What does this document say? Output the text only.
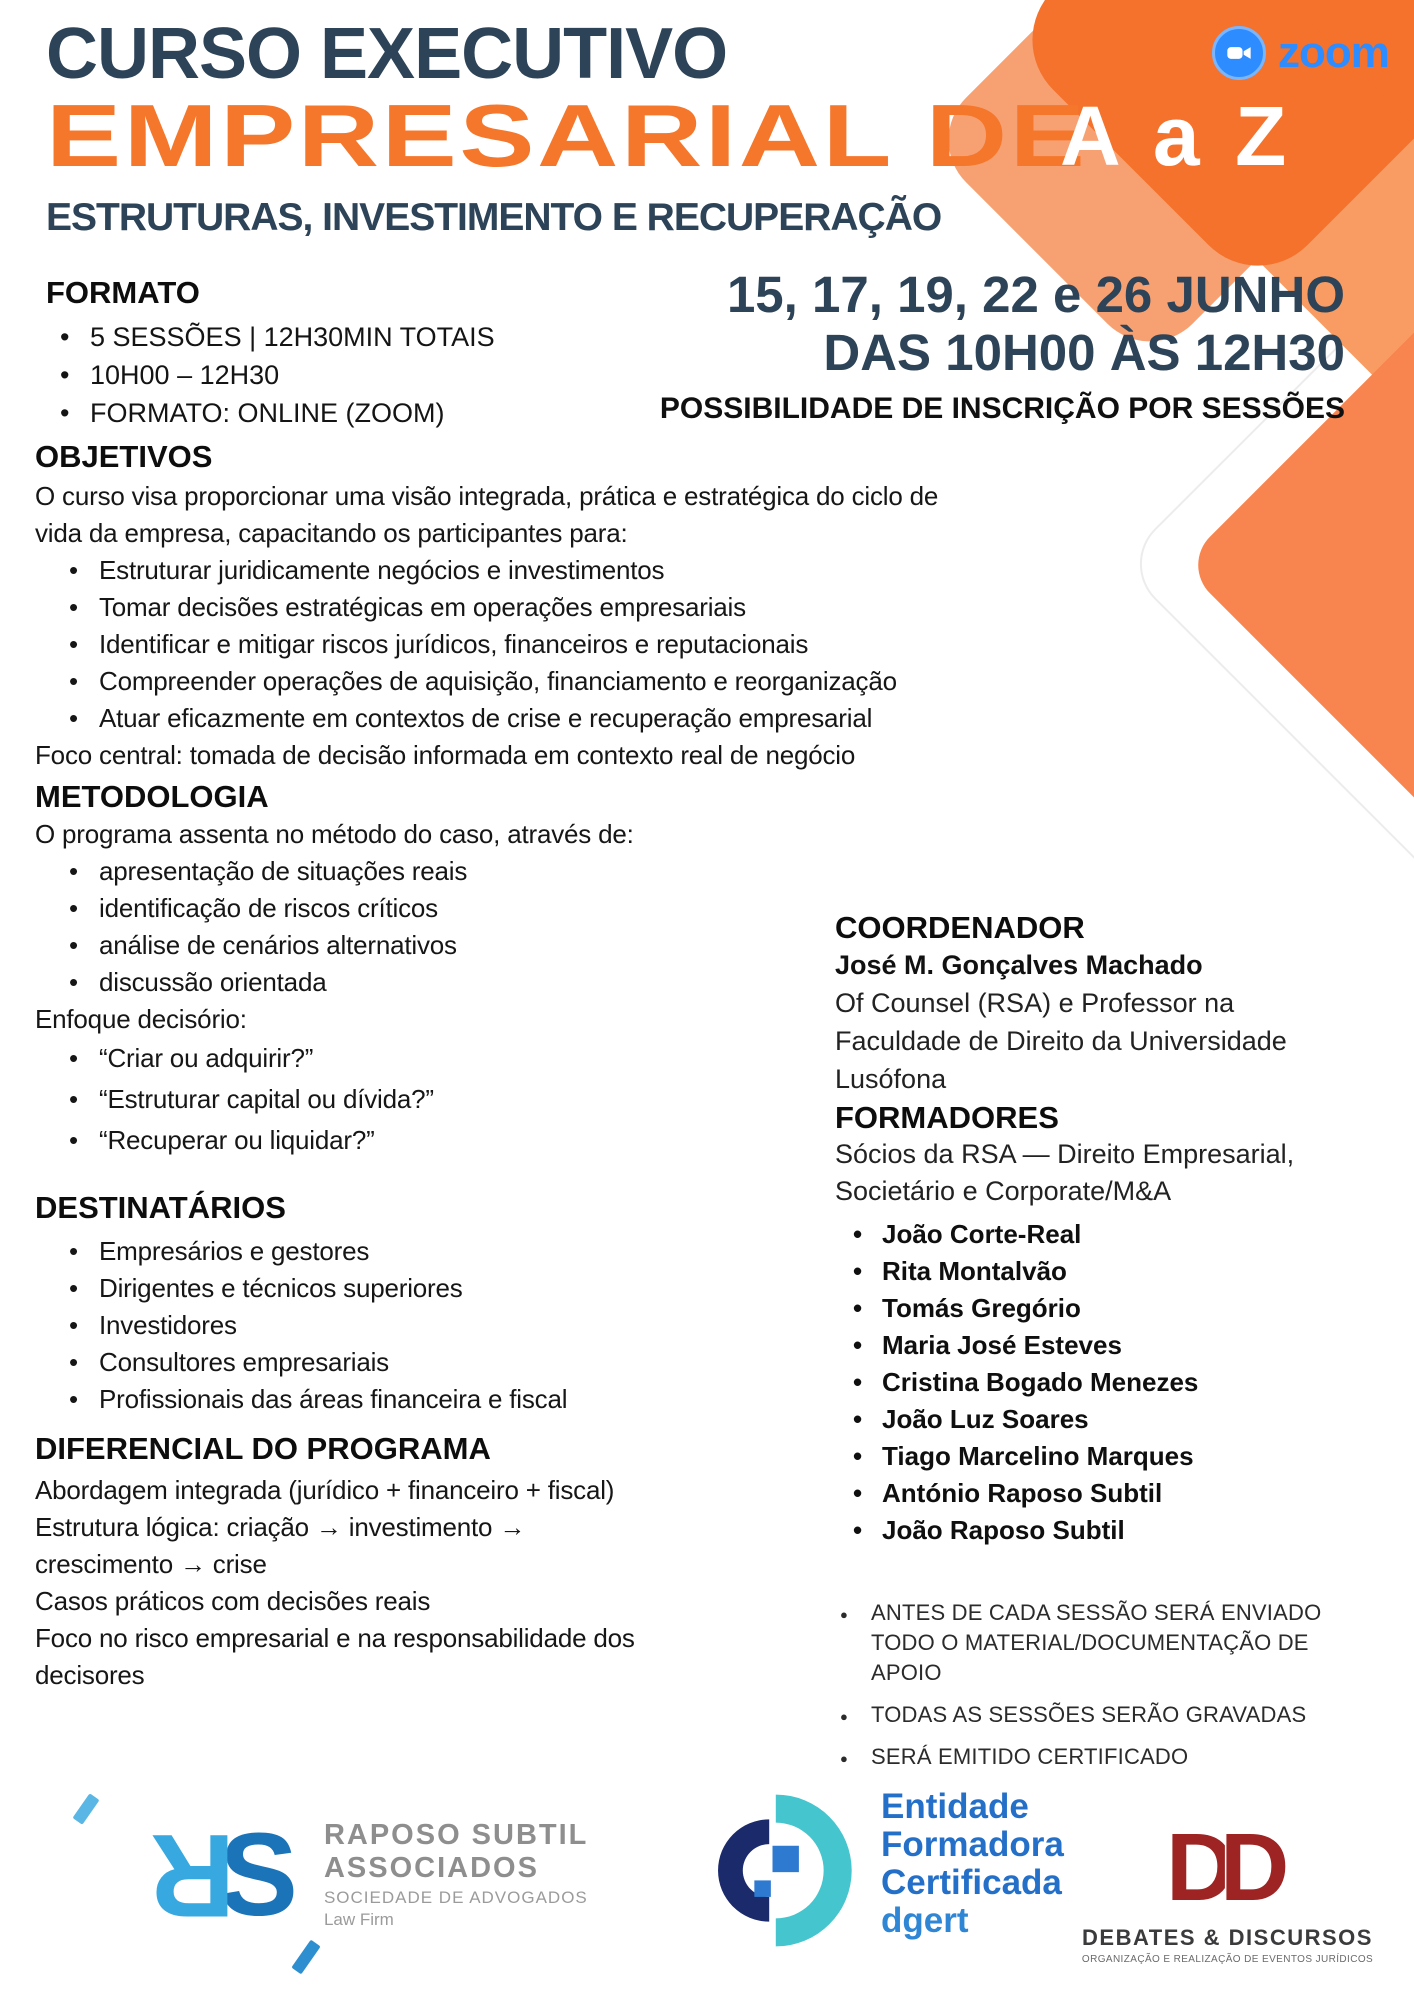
zoom
CURSO EXECUTIVO
EMPRESARIAL DE
A a Z
ESTRUTURAS, INVESTIMENTO E RECUPERAÇÃO
15, 17, 19, 22 e 26 JUNHO
DAS 10H00 ÀS 12H30
POSSIBILIDADE DE INSCRIÇÃO POR SESSÕES
FORMATO
• 5 SESSÕES | 12H30MIN TOTAIS
• 10H00 – 12H30
• FORMATO: ONLINE (ZOOM)
OBJETIVOS

O curso visa proporcionar uma visão integrada, prática e estratégica do ciclo de

vida da empresa, capacitando os participantes para:

• Estruturar juridicamente negócios e investimentos
• Tomar decisões estratégicas em operações empresariais
• Identificar e mitigar riscos jurídicos, financeiros e reputacionais
• Compreender operações de aquisição, financiamento e reorganização
• Atuar eficazmente em contextos de crise e recuperação empresarial

Foco central: tomada de decisão informada em contexto real de negócio

METODOLOGIA

O programa assenta no método do caso, através de:

• apresentação de situações reais
• identificação de riscos críticos
• análise de cenários alternativos
• discussão orientada

Enfoque decisório:

• “Criar ou adquirir?”
• “Estruturar capital ou dívida?”
• “Recuperar ou liquidar?”
DESTINATÁRIOS
• Empresários e gestores
• Dirigentes e técnicos superiores
• Investidores
• Consultores empresariais
• Profissionais das áreas financeira e fiscal
DIFERENCIAL DO PROGRAMA

Abordagem integrada (jurídico + financeiro + fiscal)

Estrutura lógica: criação → investimento →

crescimento → crise

Casos práticos com decisões reais

Foco no risco empresarial e na responsabilidade dos

decisores

COORDENADOR
José M. Gonçalves Machado
Of Counsel (RSA) e Professor na
Faculdade de Direito da Universidade
Lusófona
FORMADORES
Sócios da RSA — Direito Empresarial,
Societário e Corporate/M&A
• João Corte-Real
• Rita Montalvão
• Tomás Gregório
• Maria José Esteves
• Cristina Bogado Menezes
• João Luz Soares
• Tiago Marcelino Marques
• António Raposo Subtil
• João Raposo Subtil
● ANTES DE CADA SESSÃO SERÁ ENVIADO TODO O MATERIAL/DOCUMENTAÇÃO DE APOIO
● TODAS AS SESSÕES SERÃO GRAVADAS
● SERÁ EMITIDO CERTIFICADO
R
S RAPOSO SUBTIL
ASSOCIADOS
SOCIEDADE DE ADVOGADOS
Law Firm
Entidade
Formadora
Certificada
dgert	D
D
DEBATES & DISCURSOS
ORGANIZAÇÃO E REALIZAÇÃO DE EVENTOS JURÍDICOS
